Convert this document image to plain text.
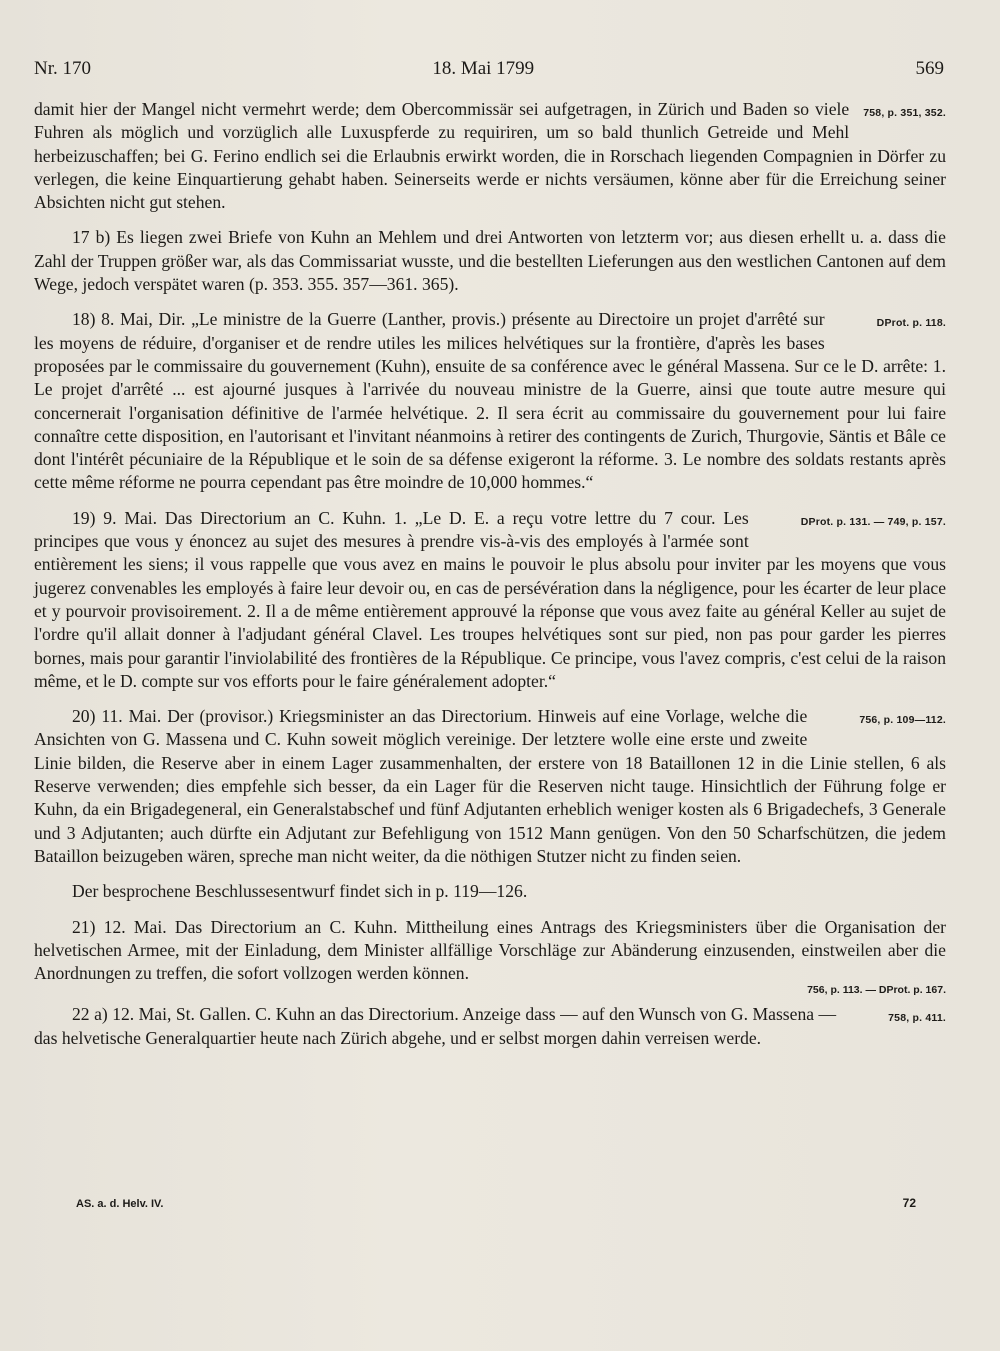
Nr. 170	18. Mai 1799	569
758, p. 351, 352.
damit hier der Mangel nicht vermehrt werde; dem Obercommissär sei aufgetragen, in Zürich und Baden so viele Fuhren als möglich und vorzüglich alle Luxuspferde zu requiriren, um so bald thunlich Getreide und Mehl herbeizuschaffen; bei G. Ferino endlich sei die Erlaubnis erwirkt worden, die in Rorschach liegenden Compagnien in Dörfer zu verlegen, die keine Einquartierung gehabt haben. Seinerseits werde er nichts versäumen, könne aber für die Erreichung seiner Absichten nicht gut stehen.
17 b) Es liegen zwei Briefe von Kuhn an Mehlem und drei Antworten von letzterm vor; aus diesen erhellt u. a. dass die Zahl der Truppen größer war, als das Commissariat wusste, und die bestellten Lieferungen aus den westlichen Cantonen auf dem Wege, jedoch verspätet waren (p. 353. 355. 357—361. 365).
DProt. p. 118.
18) 8. Mai, Dir. „Le ministre de la Guerre (Lanther, provis.) présente au Directoire un projet d'arrêté sur les moyens de réduire, d'organiser et de rendre utiles les milices helvétiques sur la frontière, d'après les bases proposées par le commissaire du gouvernement (Kuhn), ensuite de sa conférence avec le général Massena. Sur ce le D. arrête: 1. Le projet d'arrêté ... est ajourné jusques à l'arrivée du nouveau ministre de la Guerre, ainsi que toute autre mesure qui concernerait l'organisation définitive de l'armée helvétique. 2. Il sera écrit au commissaire du gouvernement pour lui faire connaître cette disposition, en l'autorisant et l'invitant néanmoins à retirer des contingents de Zurich, Thurgovie, Säntis et Bâle ce dont l'intérêt pécuniaire de la République et le soin de sa défense exigeront la réforme. 3. Le nombre des soldats restants après cette même réforme ne pourra cependant pas être moindre de 10,000 hommes.“
DProt. p. 131. — 749, p. 157.
19) 9. Mai. Das Directorium an C. Kuhn. 1. „Le D. E. a reçu votre lettre du 7 cour. Les principes que vous y énoncez au sujet des mesures à prendre vis-à-vis des employés à l'armée sont entièrement les siens; il vous rappelle que vous avez en mains le pouvoir le plus absolu pour inviter par les moyens que vous jugerez convenables les employés à faire leur devoir ou, en cas de persévération dans la négligence, pour les écarter de leur place et y pourvoir provisoirement. 2. Il a de même entièrement approuvé la réponse que vous avez faite au général Keller au sujet de l'ordre qu'il allait donner à l'adjudant général Clavel. Les troupes helvétiques sont sur pied, non pas pour garder les pierres bornes, mais pour garantir l'inviolabilité des frontières de la République. Ce principe, vous l'avez compris, c'est celui de la raison même, et le D. compte sur vos efforts pour le faire généralement adopter.“
756, p. 109—112.
20) 11. Mai. Der (provisor.) Kriegsminister an das Directorium. Hinweis auf eine Vorlage, welche die Ansichten von G. Massena und C. Kuhn soweit möglich vereinige. Der letztere wolle eine erste und zweite Linie bilden, die Reserve aber in einem Lager zusammenhalten, der erstere von 18 Bataillonen 12 in die Linie stellen, 6 als Reserve verwenden; dies empfehle sich besser, da ein Lager für die Reserven nicht tauge. Hinsichtlich der Führung folge er Kuhn, da ein Brigadegeneral, ein Generalstabschef und fünf Adjutanten erheblich weniger kosten als 6 Brigadechefs, 3 Generale und 3 Adjutanten; auch dürfte ein Adjutant zur Befehligung von 1512 Mann genügen. Von den 50 Scharfschützen, die jedem Bataillon beizugeben wären, spreche man nicht weiter, da die nöthigen Stutzer nicht zu finden seien.
Der besprochene Beschlussesentwurf findet sich in p. 119—126.
21) 12. Mai. Das Directorium an C. Kuhn. Mittheilung eines Antrags des Kriegsministers über die Organisation der helvetischen Armee, mit der Einladung, dem Minister allfällige Vorschläge zur Abänderung einzusenden, einstweilen aber die Anordnungen zu treffen, die sofort vollzogen werden können.
756, p. 113. — DProt. p. 167.
758, p. 411.
22 a) 12. Mai, St. Gallen. C. Kuhn an das Directorium. Anzeige dass — auf den Wunsch von G. Massena — das helvetische Generalquartier heute nach Zürich abgehe, und er selbst morgen dahin verreisen werde.
AS. a. d. Helv. IV.	72
